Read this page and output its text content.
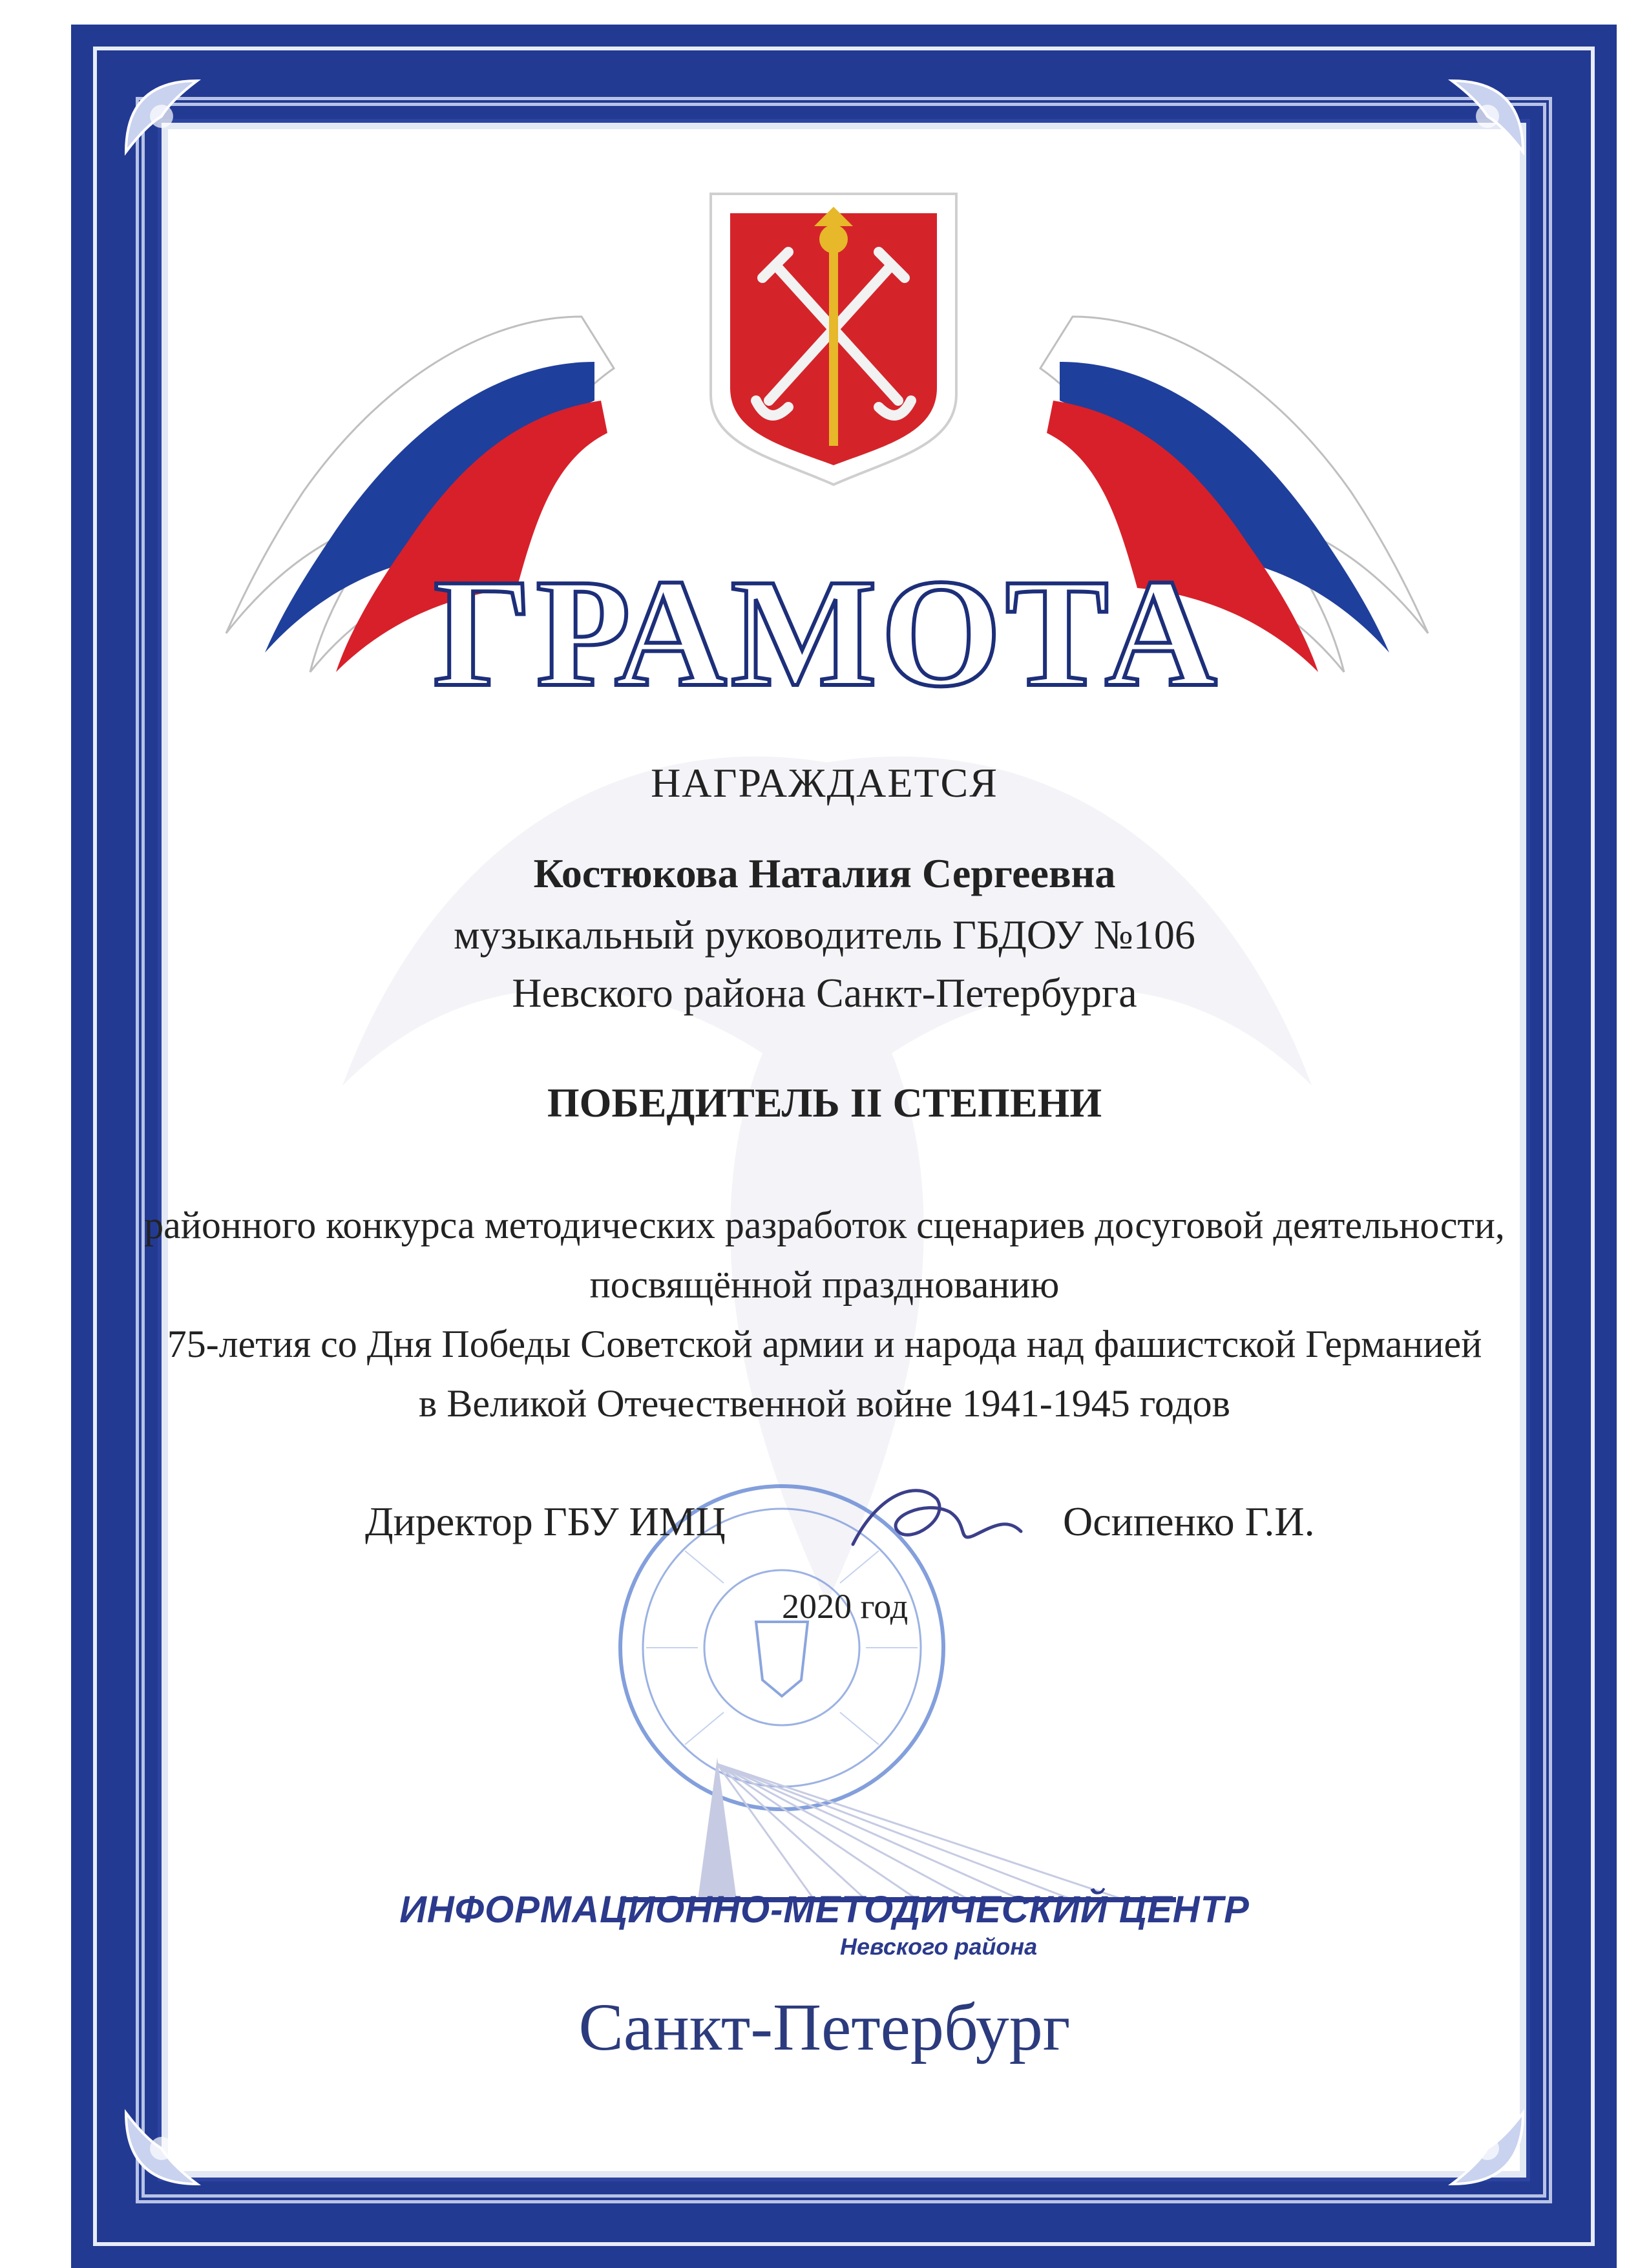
ГРАМОТА
НАГРАЖДАЕТСЯ
Костюкова Наталия Сергеевна
музыкальный руководитель ГБДОУ №106
Невского района Санкт-Петербурга
ПОБЕДИТЕЛЬ II СТЕПЕНИ
районного конкурса методических разработок сценариев досуговой деятельности,
посвящённой празднованию
75-летия со Дня Победы Советской армии и народа над фашистской Германией
в Великой Отечественной войне 1941-1945 годов
Директор ГБУ ИМЦ	Осипенко Г.И.
2020 год
ИНФОРМАЦИОННО-МЕТОДИЧЕСКИЙ ЦЕНТР
Невского района
Санкт-Петербург
